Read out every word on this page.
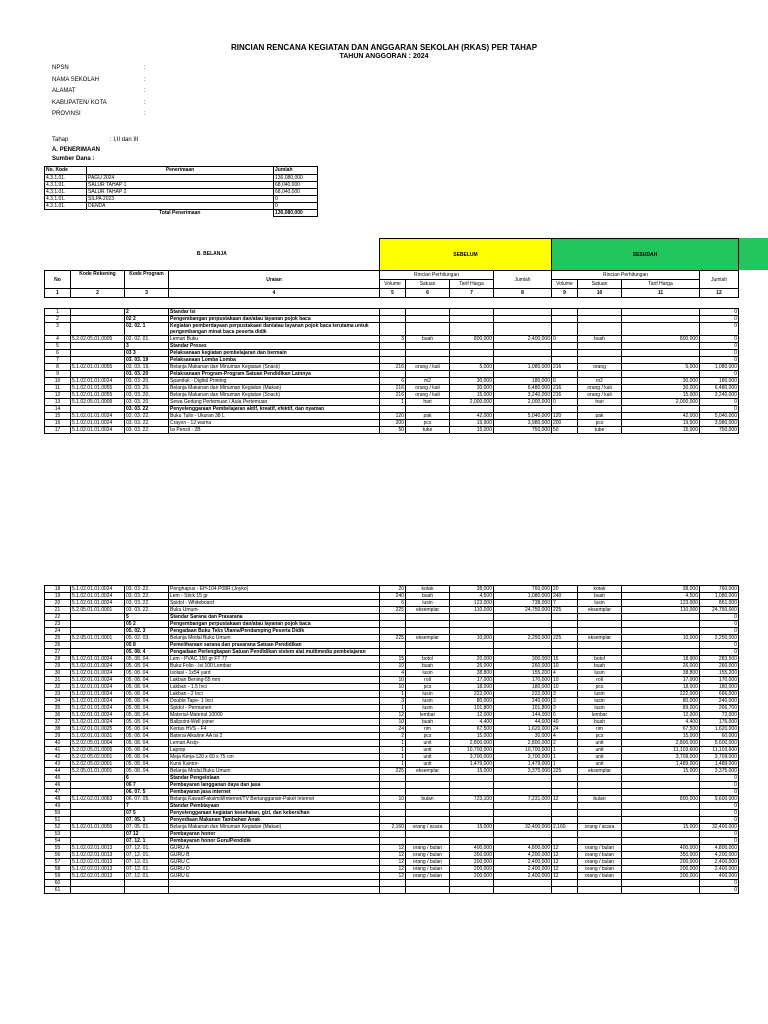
RINCIAN RENCANA KEGIATAN DAN ANGGARAN SEKOLAH (RKAS) PER TAHAP
TAHUN ANGGORAN : 2024
NPSN	:
NAMA SEKOLAH	:
ALAMAT	:
KABUPATEN/ KOTA	:
PROVINSI	:
Tahap	: I,II dan III
A. PENERIMAAN
Sumber Dana :
No. Kode	Penerimaan	Jumlah
4.3.1.01.	PAGU 2024	136,080,000
4.3.1.01.	SALUR TAHAP 1	68,040,000
4.3.1.01.	SALUR TAHAP 2	68,040,000
4.3.1.01.	SILPA 2023	0
4.3.1.01.	DENDA	0
	Total Penerimaan	136,080,000
B. BELANJA				SEBELUM				SESUDAH			
No	Kode Rekening	Kode Program	Uraian	Rincian Perhitungan			Jumlah	Rincian Perhitungan			Jumlah
				Volume	Satuan	Tarif Harga		Volume	Satuan	Tarif Harga	
1	2	3	4	5	6	7	8	9	10	11	12
1		2	Standar Isi								0
2		02 2	Pengembangan perpustakaan dan/atau layanan pojok baca								0
3		02. 02. 1	Kegiatan pemberdayaan perpustakaan dan/atau layanan pojok baca terutama untuk pengembangan minat baca peserta didik								0
4	5.2.02.05.01.0005	02. 02. 01.	Lemari Buku	3	buah	800,000	2,400,000	0	buah	800,000	0
5		3	Standar Proses								0
6		03 3	Pelaksanaan kegiatan pembelajaran dan bermain								0
7		03. 03. 19	Pelaksanaan Lomba Lomba								0
8	5.1.02.01.01.0055	03. 03. 19.	Belanja Makanan dan Minuman Kegiatan (Snack)	216	orang / kali	5,000	1,080,000	216	orang	5,000	1,080,000
9		03. 03. 20	Pelaksanaan Program-Program Satuan Pendidikan Lainnya								0
10	5.1.02.01.01.0024	03. 03. 20.	Spanduk - Digital Printing	6	m2	30,000	180,000	6	m2	30,000	180,000
11	5.1.02.01.01.0055	03. 03. 20.	Belanja Makanan dan Minuman Kegiatan (Makan)	216	orang / kali	30,000	6,480,000	216	orang / kali	30,000	6,480,000
12	5.1.02.01.01.0055	03. 03. 20.	Belanja Makanan dan Minuman Kegiatan (Snack)	216	orang / kali	15,000	3,240,000	216	orang / kali	15,000	3,240,000
13	5.1.02.05.01.0009	03. 03. 20.	Sewa Gedung Pertemuan / Aula Pertemuan	1	hari	2,000,000	2,000,000	0	hari	2,000,000	0
14		03. 03. 22	Penyelenggaraan Pembelajaran aktif, kreatif, efektif, dan nyaman								0
15	5.1.02.01.01.0024	03. 03. 22.	Buku Tulis - Ukuran 38 L	120	pak	42,000	5,040,000	120	pak	42,000	5,040,000
16	5.1.02.01.01.0024	03. 03. 22.	Crayon - 12 warna	200	pcs	19,900	3,980,000	200	pcs	19,900	3,980,000
17	5.1.02.01.01.0024	03. 03. 22.	Isi Pensil - 2B	50	tube	15,000	750,000	50	tube	15,000	750,000
18	5.1.02.01.01.0024	03. 03. 22.	Penghapus - EH-104 P08R (Joyko)	20	kotak	38,000	760,000	20	kotak	38,000	760,000
19	5.1.02.01.01.0024	03. 03. 22.	Lem - Stick 15 gr	240	buah	4,500	1,080,000	240	buah	4,500	1,080,000
20	5.1.02.01.01.0024	03. 03. 22.	Spidol - Whiteboard	6	lusin	123,000	738,000	7	lusin	123,000	861,000
21	5.2.05.01.01.0001	03. 03. 22.	Buku Umum-	225	eksemplar	110,000	24,750,000	225	eksemplar	110,000	24,750,000
22		5	Standar Sarana dan Prasarana								0
23		05 2	Pengembangan perpustakaan dan/atau layanan pojok baca								0
24		05. 02. 3	Pengadaan Buku Teks Utama/Pendamping Peserta Didik								0
25	5.2.05.01.01.0001	05. 02. 03.	Belanja Modal Buku Umum	225	eksemplar	10,000	2,250,000	225	eksemplar	10,000	2,250,000
26		05 8	Pemeliharaan sarana dan prasarana Satuan Pendidikan								0
27		05. 08. 4	Pengadaan Perlengkapan Satuan Pendidikan sistem alat multimedia pembelajaran								0
28	5.1.02.01.01.0024	05. 08. 04.	Lem - PVAC 150 gr FT 77	15	botol	20,000	300,000	15	botol	18,900	283,500
29	5.1.02.01.01.0024	05. 08. 04.	Buku Folio - Isi 100 Lembar	10	buah	26,000	260,000	10	buah	26,000	260,000
30	5.1.02.01.01.0024	05. 08. 04.	Isolasi - 1x54 yard	4	lusin	38,800	155,200	4	lusin	38,800	155,200
31	5.1.02.01.01.0024	05. 08. 04.	Lakban Bening-55 mm	10	roll	17,000	170,000	10	roll	17,000	170,000
32	5.1.02.01.01.0024	05. 08. 04.	Lakban - 1.5 Inci	10	pcs	18,000	180,000	10	pcs	18,000	180,000
33	5.1.02.01.01.0024	05. 08. 04.	Lakban - 2 Inci	1	lusin	222,000	222,000	3	lusin	222,000	666,000
34	5.1.02.01.01.0024	05. 08. 04.	Double Tape- 1 Inci	3	lusin	80,000	240,000	3	lusin	80,000	240,000
35	5.1.02.01.01.0024	05. 08. 04.	Spidol - Permanen	1	lusin	101,800	101,800	3	lusin	89,000	266,700
36	5.1.02.01.01.0024	05. 08. 04.	Material-Material 10000	12	lembar	12,000	144,000	6	lembar	12,000	72,000
37	5.1.02.01.01.0024	05. 08. 04.	Ballpoint-Well joiner	10	buah	4,400	44,000	40	buah	4,400	176,000
38	5.1.02.01.01.0025	05. 08. 04.	Kertas HVS - F4	24	rim	67,500	1,620,000	24	rim	67,500	1,620,000
39	5.1.02.01.01.0031	05. 08. 04.	Baterai Alkaline AA isi 2	2	pcs	15,000	30,000	4	pcs	15,000	60,000
40	5.2.02.05.01.0004	05. 08. 04.	Lemari Arsip-	1	unit	2,800,000	2,800,000	2	unit	2,800,000	5,600,000
41	5.2.02.05.01.0005	05. 08. 04.	Laptop	1	unit	10,700,000	10,700,000	1	unit	11,103,600	11,103,600
42	5.2.02.05.02.0001	05. 08. 04.	Meja Kerja-120 x 60 x 75 cm	1	unit	3,700,000	3,700,000	1	unit	3,709,000	3,709,000
43	5.2.02.05.02.0001	05. 08. 04.	Kursi Kantor-	1	unit	1,479,000	1,479,000	1	unit	1,489,000	1,489,000
44	5.2.05.01.01.0001	05. 08. 04.	Belanja Modal Buku Umum	225	eksemplar	15,000	3,375,000	225	eksemplar	15,000	3,375,000
45		6	Standar Pengelolaan								0
46		06 7	Pembayaran langganan daya dan jasa								0
47		06. 07. 5	Pembayaran jasa internet								0
48	5.1.02.02.01.0063	06. 07. 05.	Belanja Kawat/Faksimili/Internet/TV Berlangganan-Paket Internet	10	bulan	723,100	7,231,000	12	bulan	800,000	9,600,000
49		7	Standar Pembiayaan								0
50		07 5	Penyelenggaraan kegiatan kesehatan, gizi, dan kebersihan								0
51		07. 05. 1	Penyediaan Makanan Tambahan Anak								0
52	5.1.02.01.01.0055	07. 05. 01.	Belanja Makanan dan Minuman Kegiatan (Makan)	2,160	orang / acara	15,000	32,400,000	2,160	orang / acara	15,000	32,400,000
53		07 12	Pembayaran honor								0
54		07. 12. 1	Pembayaran honor Guru/Pendidik								0
55	5.1.02.02.01.0013	07. 12. 01.	GURU A	12	orang / bulan	400,000	4,800,000	12	orang / bulan	400,000	4,800,000
56	5.1.02.02.01.0013	07. 12. 01.	GURU B	12	orang / bulan	350,000	4,200,000	12	orang / bulan	350,000	4,200,000
57	5.1.02.02.01.0013	07. 12. 01.	GURU C	12	orang / bulan	200,000	2,400,000	12	orang / bulan	200,000	2,400,000
58	5.1.02.02.01.0013	07. 12. 01.	GURU D	12	orang / bulan	200,000	2,400,000	12	orang / bulan	200,000	2,400,000
59	5.1.02.02.01.0013	07. 12. 01.	GURU E	12	orang / bulan	200,000	2,400,000	12	orang / bulan	200,000	400,000
60											0
61											0
